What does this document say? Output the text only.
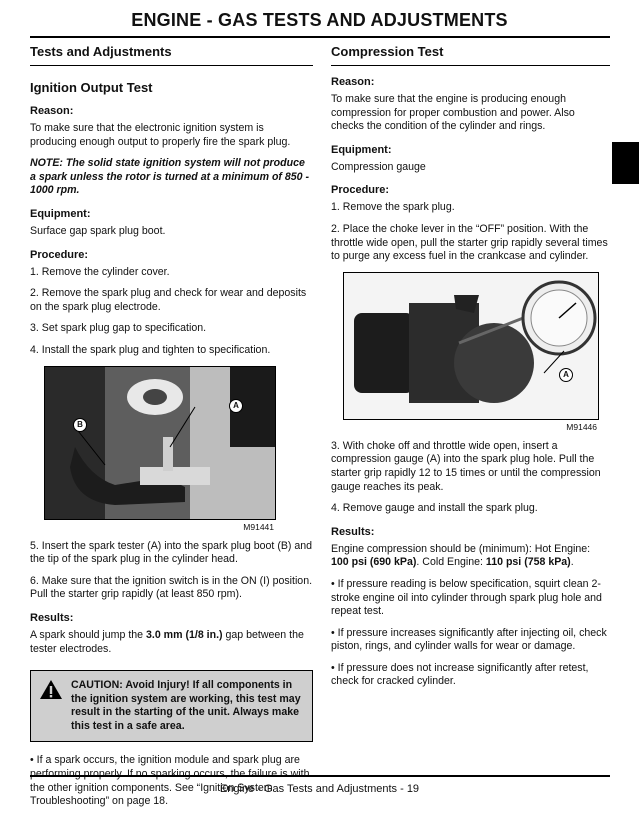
ENGINE - GAS TESTS AND ADJUSTMENTS
Tests and Adjustments
Ignition Output Test
Reason:

To make sure that the electronic ignition system is producing enough output to properly fire the spark plug.

NOTE: The solid state ignition system will not produce a spark unless the rotor is turned at a minimum of 850 - 1000 rpm.

Equipment:

Surface gap spark plug boot.

Procedure:

1. Remove the cylinder cover.

2. Remove the spark plug and check for wear and deposits on the spark plug electrode.

3. Set spark plug gap to specification.

4. Install the spark plug and tighten to specification.

A
B
M91441

5. Insert the spark tester (A) into the spark plug boot (B) and the tip of the spark plug in the cylinder head.

6. Make sure that the ignition switch is in the ON (I) position. Pull the starter grip rapidly (at least 850 rpm).

Results:

A spark should jump the 3.0 mm (1/8 in.) gap between the tester electrodes.

CAUTION: Avoid Injury! If all components in the ignition system are working, this test may result in the starting of the unit. Always make this test in a safe area.

• If a spark occurs, the ignition module and spark plug are the other ignition components. See “Ignition System Troubleshooting” on page 18.

Compression Test
Reason:

To make sure that the engine is producing enough compression for proper combustion and power. Also checks the condition of the cylinder and rings.

Equipment:

Compression gauge

Procedure:

1. Remove the spark plug.

2. Place the choke lever in the “OFF” position. With the throttle wide open, pull the starter grip rapidly several times to purge any excess fuel in the crankcase and cylinder.

A
M91446

3. With choke off and throttle wide open, insert a compression gauge (A) into the spark plug hole. Pull the starter grip rapidly 12 to 15 times or until the compression gauge reaches its peak.

4. Remove gauge and install the spark plug.

Results:

Engine compression should be (minimum): Hot Engine:
100 psi (690 kPa). Cold Engine: 110 psi (758 kPa).

• If pressure reading is below specification, squirt clean 2-stroke engine oil into cylinder through spark plug hole and repeat test.

• If pressure increases significantly after injecting oil, check piston, rings, and cylinder walls for wear or damage.

• If pressure does not increase significantly after retest, check for cracked cylinder.

Engine - Gas Tests and Adjustments - 19
